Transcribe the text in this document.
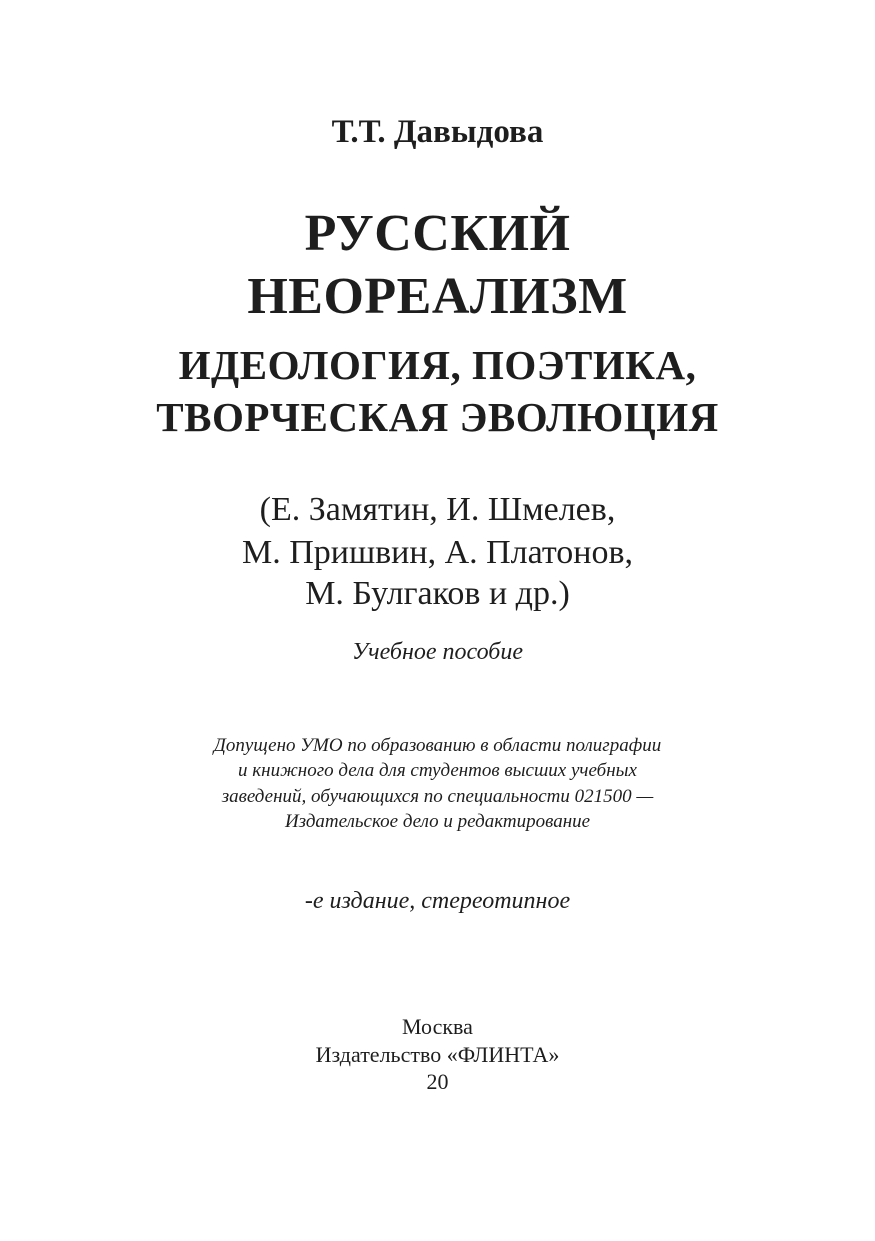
Т.Т. Давыдова

РУССКИЙ

НЕОРЕАЛИЗМ

ИДЕОЛОГИЯ, ПОЭТИКА,

ТВОРЧЕСКАЯ ЭВОЛЮЦИЯ

(Е. Замятин, И. Шмелев,

М. Пришвин, А. Платонов,

М. Булгаков и др.)

Учебное пособие

Допущено УМО по образованию в области полиграфии

и книжного дела для студентов высших учебных

заведений, обучающихся по специальности 021500 —

Издательское дело и редактирование

-е издание, стереотипное

Москва

Издательство «ФЛИНТА»

20
